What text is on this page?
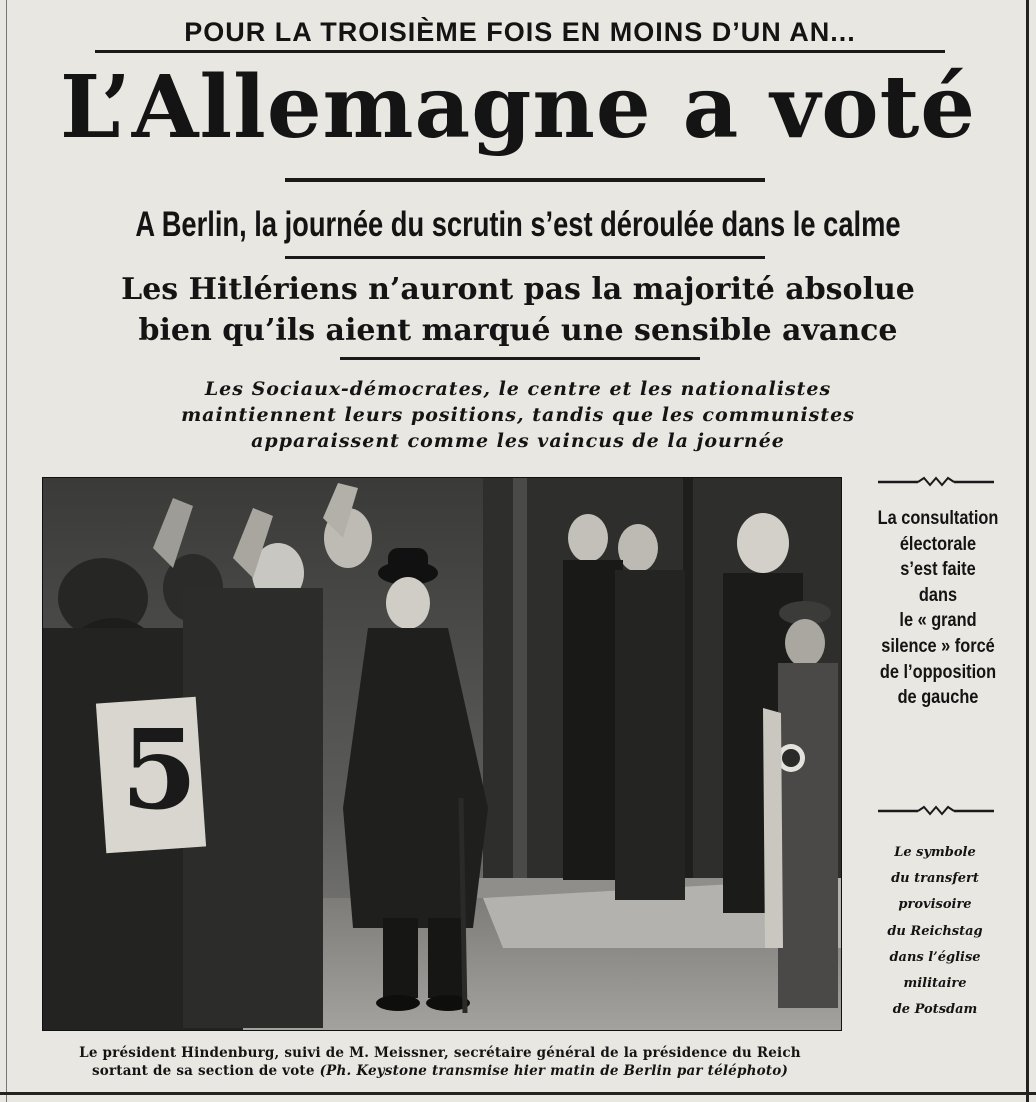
POUR LA TROISIÈME FOIS EN MOINS D’UN AN...
L’Allemagne a voté
A Berlin, la journée du scrutin s’est déroulée dans le calme
Les Hitlériens n’auront pas la majorité absolue
bien qu’ils aient marqué une sensible avance
Les Sociaux-démocrates, le centre et les nationalistes
maintiennent leurs positions, tandis que les communistes
apparaissent comme les vaincus de la journée
5
Le président Hindenburg, suivi de M. Meissner, secrétaire général de la présidence du Reich
sortant de sa section de vote (Ph. Keystone transmise hier matin de Berlin par téléphoto)
La consultation
électorale
s’est faite
dans
le « grand
silence » forcé
de l’opposition
de gauche
Le symbole
du transfert
provisoire
du Reichstag
dans l’église
militaire
de Potsdam
